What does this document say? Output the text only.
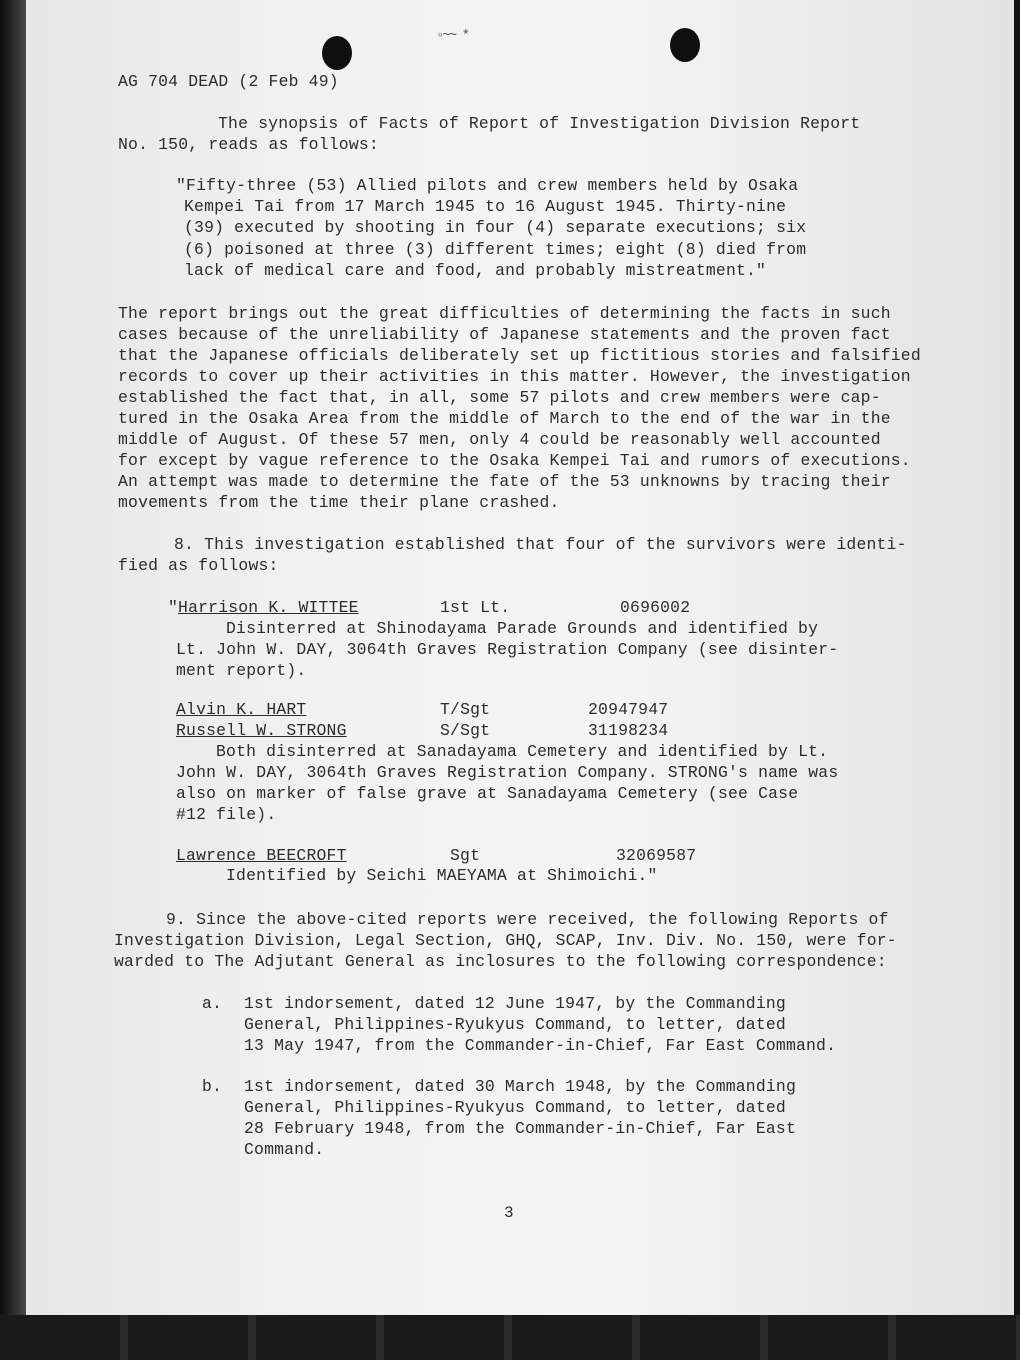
◦~~ *
AG 704 DEAD (2 Feb 49)
The synopsis of Facts of Report of Investigation Division Report
No. 150, reads as follows:
"Fifty-three (53) Allied pilots and crew members held by Osaka
Kempei Tai from 17 March 1945 to 16 August 1945. Thirty-nine
(39) executed by shooting in four (4) separate executions; six
(6) poisoned at three (3) different times; eight (8) died from
lack of medical care and food, and probably mistreatment."
The report brings out the great difficulties of determining the facts in such
cases because of the unreliability of Japanese statements and the proven fact
that the Japanese officials deliberately set up fictitious stories and falsified
records to cover up their activities in this matter. However, the investigation
established the fact that, in all, some 57 pilots and crew members were cap-
tured in the Osaka Area from the middle of March to the end of the war in the
middle of August. Of these 57 men, only 4 could be reasonably well accounted
for except by vague reference to the Osaka Kempei Tai and rumors of executions.
An attempt was made to determine the fate of the 53 unknowns by tracing their
movements from the time their plane crashed.
8. This investigation established that four of the survivors were identi-
fied as follows:
"Harrison K. WITTEE	1st Lt.	0696002
Disinterred at Shinodayama Parade Grounds and identified by
Lt. John W. DAY, 3064th Graves Registration Company (see disinter-
ment report).
Alvin K. HART	T/Sgt	20947947
Russell W. STRONG	S/Sgt	31198234
Both disinterred at Sanadayama Cemetery and identified by Lt.
John W. DAY, 3064th Graves Registration Company. STRONG's name was
also on marker of false grave at Sanadayama Cemetery (see Case
#12 file).
Lawrence BEECROFT	Sgt	32069587
Identified by Seichi MAEYAMA at Shimoichi."
9. Since the above-cited reports were received, the following Reports of
Investigation Division, Legal Section, GHQ, SCAP, Inv. Div. No. 150, were for-
warded to The Adjutant General as inclosures to the following correspondence:
a. 1st indorsement, dated 12 June 1947, by the Commanding
General, Philippines-Ryukyus Command, to letter, dated
13 May 1947, from the Commander-in-Chief, Far East Command.
b. 1st indorsement, dated 30 March 1948, by the Commanding
General, Philippines-Ryukyus Command, to letter, dated
28 February 1948, from the Commander-in-Chief, Far East
Command.
3
